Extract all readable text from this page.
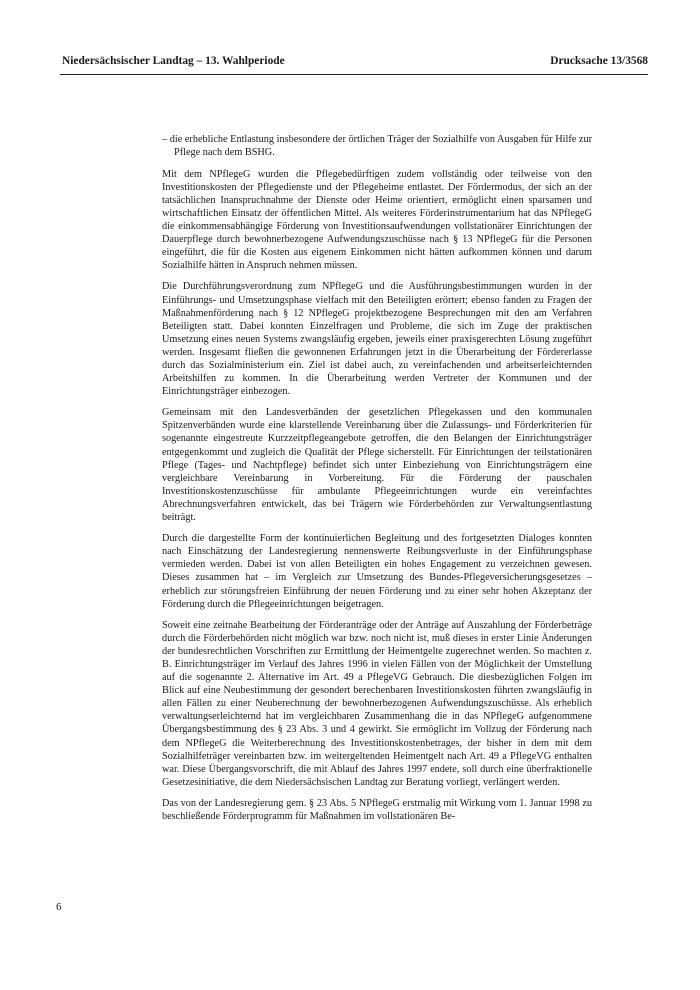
Niedersächsischer Landtag – 13. Wahlperiode	Drucksache 13/3568

– die erhebliche Entlastung insbesondere der örtlichen Träger der Sozialhilfe von Ausgaben für Hilfe zur Pflege nach dem BSHG.

Mit dem NPflegeG wurden die Pflegebedürftigen zudem vollständig oder teilweise von den Investitionskosten der Pflegedienste und der Pflegeheime entlastet. Der Fördermodus, der sich an der tatsächlichen Inanspruchnahme der Dienste oder Heime orientiert, ermöglicht einen sparsamen und wirtschaftlichen Einsatz der öffentlichen Mittel. Als weiteres Förderinstrumentarium hat das NPflegeG die einkommensabhängige Förderung von Investitionsaufwendungen vollstationärer Einrichtungen der Dauerpflege durch bewohnerbezogene Aufwendungszuschüsse nach § 13 NPflegeG für die Personen eingeführt, die für die Kosten aus eigenem Einkommen nicht hätten aufkommen können und darum Sozialhilfe hätten in Anspruch nehmen müssen.

Die Durchführungsverordnung zum NPflegeG und die Ausführungsbestimmungen wurden in der Einführungs- und Umsetzungsphase vielfach mit den Beteiligten erörtert; ebenso fanden zu Fragen der Maßnahmenförderung nach § 12 NPflegeG projektbezogene Besprechungen mit den am Verfahren Beteiligten statt. Dabei konnten Einzelfragen und Probleme, die sich im Zuge der praktischen Umsetzung eines neuen Systems zwangsläufig ergeben, jeweils einer praxisgerechten Lösung zugeführt werden. Insgesamt fließen die gewonnenen Erfahrungen jetzt in die Überarbeitung der Fördererlasse durch das Sozialministerium ein. Ziel ist dabei auch, zu vereinfachenden und arbeitserleichternden Arbeitshilfen zu kommen. In die Überarbeitung werden Vertreter der Kommunen und der Einrichtungsträger einbezogen.

Gemeinsam mit den Landesverbänden der gesetzlichen Pflegekassen und den kommunalen Spitzenverbänden wurde eine klarstellende Vereinbarung über die Zulassungs- und Förderkriterien für sogenannte eingestreute Kurzzeitpflegeangebote getroffen, die den Belangen der Einrichtungsträger entgegenkommt und zugleich die Qualität der Pflege sicherstellt. Für Einrichtungen der teilstationären Pflege (Tages- und Nachtpflege) befindet sich unter Einbeziehung von Einrichtungsträgern eine vergleichbare Vereinbarung in Vorbereitung. Für die Förderung der pauschalen Investitionskostenzuschüsse für ambulante Pflegeeinrichtungen wurde ein vereinfachtes Abrechnungsverfahren entwickelt, das bei Trägern wie Förderbehörden zur Verwaltungsentlastung beiträgt.

Durch die dargestellte Form der kontinuierlichen Begleitung und des fortgesetzten Dialoges konnten nach Einschätzung der Landesregierung nennenswerte Reibungsverluste in der Einführungsphase vermieden werden. Dabei ist von allen Beteiligten ein hohes Engagement zu verzeichnen gewesen. Dieses zusammen hat – im Vergleich zur Umsetzung des Bundes-Pflegeversicherungsgesetzes – erheblich zur störungsfreien Einführung der neuen Förderung und zu einer sehr hohen Akzeptanz der Förderung durch die Pflegeeinrichtungen beigetragen.

Soweit eine zeitnahe Bearbeitung der Förderanträge oder der Anträge auf Auszahlung der Förderbeträge durch die Förderbehörden nicht möglich war bzw. noch nicht ist, muß dieses in erster Linie Änderungen der bundesrechtlichen Vorschriften zur Ermittlung der Heimentgelte zugerechnet werden. So machten z. B. Einrichtungsträger im Verlauf des Jahres 1996 in vielen Fällen von der Möglichkeit der Umstellung auf die sogenannte 2. Alternative im Art. 49 a PflegeVG Gebrauch. Die diesbezüglichen Folgen im Blick auf eine Neubestimmung der gesondert berechenbaren Investitionskosten führten zwangsläufig in allen Fällen zu einer Neuberechnung der bewohnerbezogenen Aufwendungszuschüsse. Als erheblich verwaltungserleichternd hat im vergleichbaren Zusammenhang die in das NPflegeG aufgenommene Übergangsbestimmung des § 23 Abs. 3 und 4 gewirkt. Sie ermöglicht im Vollzug der Förderung nach dem NPflegeG die Weiterberechnung des Investitionskostenbetrages, der bisher in dem mit dem Sozialhilfeträger vereinbarten bzw. im weitergeltenden Heimentgelt nach Art. 49 a PflegeVG enthalten war. Diese Übergangsvorschrift, die mit Ablauf des Jahres 1997 endete, soll durch eine überfraktionelle Gesetzesinitiative, die dem Niedersächsischen Landtag zur Beratung vorliegt, verlängert werden.

Das von der Landesregierung gem. § 23 Abs. 5 NPflegeG erstmalig mit Wirkung vom 1. Januar 1998 zu beschließende Förderprogramm für Maßnahmen im vollstationären Be-

6
